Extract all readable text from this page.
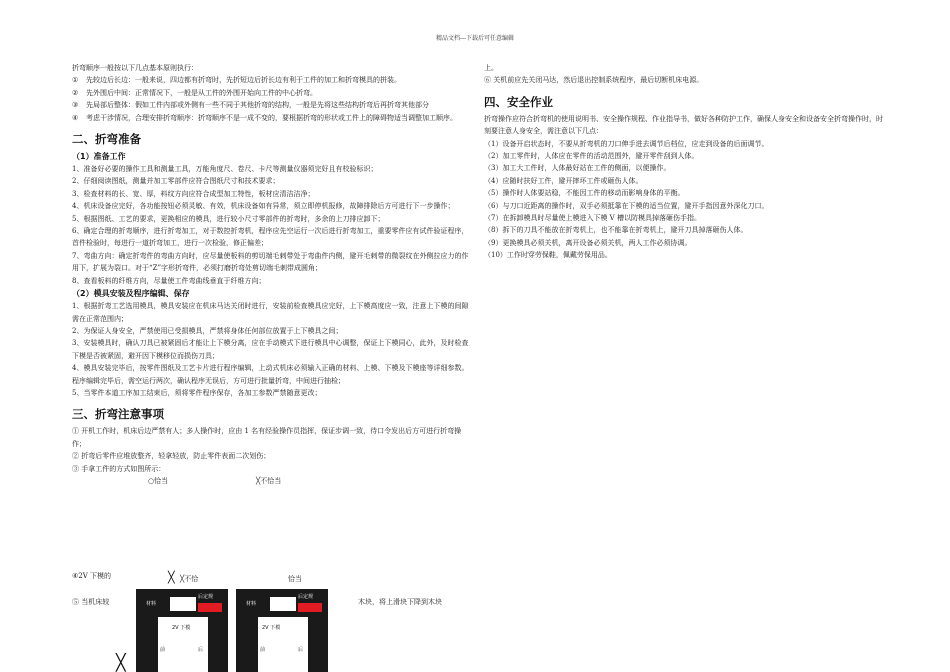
精品文档---下载后可任意编辑
折弯顺序一般按以下几点基本原则执行：
①	先较边后长边：一般来说，四边都有折弯时，先折短边后折长边有利于工件的加工和折弯模具的拼装。
②	先外围后中间：正常情况下，一般是从工件的外围开始向工件的中心折弯。
③	先局部后整体：假如工件内部或外侧有一些不同于其他折弯的结构，一般是先将这些结构折弯后再折弯其他部分
④	考虑干涉情况，合理安排折弯顺序：折弯顺序不是一成不变的，要根据折弯的形状或工件上的障碍物适当调整加工顺序。
二、折弯准备
（1）准备工作
1、准备好必要的操作工具和测量工具，万能角度尺、卷尺、卡尺等测量仪器须完好且有校验标识；
2、仔细阅读图纸，测量并加工零部件应符合图纸尺寸和技术要求；
3、检查材料的长、宽、厚，料纹方向应符合成型加工特性，板材应清洁洁净；
4、机床设备应完好，各功能按钮必须灵敏、有效，机床设备如有异常，须立即停机报修，故障排除后方可进行下一步操作；
5、根据图纸、工艺的要求，更换相应的模具，进行较小尺寸零部件的折弯时，多余的上刀排应卸下；
6、确定合理的折弯顺序，进行折弯加工，对于数控折弯机，程序应先空运行一次后进行折弯加工，重要零件应有试件验证程序，首件检验时，每进行一道折弯加工，进行一次检验，修正偏差；
7、弯曲方向：确定折弯件的弯曲方向时，应尽量使板料的剪切端毛刺带处于弯曲件内侧，避开毛刺带的微裂纹在外侧拉应力的作用下，扩展为裂口。对于“Z”字形折弯件，必须打磨折弯处剪切端毛刺带成圆角；
8、查看板料的纤维方向，尽量使工件弯曲线垂直于纤维方向；
（2）模具安装及程序编辑、保存
1、根据折弯工艺选用模具，模具安装应在机床马达关闭时进行，安装前检查模具应完好，上下模高度应一致，注意上下模的间隙需在正常范围内；
2、为保证人身安全，严禁使用已受损模具，严禁将身体任何部位放置于上下模具之间；
3、安装模具时，确认刀具已被紧固后才能让上下模分离，应在手动模式下进行模具中心调整，保证上下模同心，此外，及时检查下模是否被紧固，避开因下模移位而损伤刀具；
4、模具安装完毕后，按零件图纸及工艺卡片进行程序编辑，上动式机床必须输入正确的材料、上模、下模及下模座等详细参数。程序编辑完毕后，需空运行两次，确认程序无误后，方可进行批量折弯，中间进行抽检；
5、当零件本道工序加工结束后，须将零件程序保存，各加工参数严禁随意更改；
三、折弯注意事项
① 开机工作时，机床后边严禁有人；多人操作时，应由 1 名有经验操作员指挥，保证步调一致，待口令发出后方可进行折弯操作；
② 折弯后零件应堆放整齐，轻拿轻放，防止零件表面二次划伤；
③ 手拿工件的方式如图所示：
○恰当	╳不恰当
④2V 下模的
⑤ 当机床较	木块，将上滑块下降到木块
╳ ╳不恰	恰当
材料
后定规
2V 下模
前	后
材料
后定规
2V 下模
前	后
╳
上。
⑥ 关机前应先关闭马达，然后退出控制系统程序，最后切断机床电源。
四、安全作业
折弯操作应符合折弯机的使用说明书、安全操作规程、作业指导书，做好各种防护工作，确保人身安全和设备安全折弯操作时，时刻要注意人身安全，需注意以下几点：
（1）设备开启状态时，不要从折弯机的刀口伸手进去调节后档位，应走到设备的后面调节。
（2）加工零件时，人体应在零件的活动范围外，避开零件刮到人体。
（3）加工大工件时，人体最好站在工件的侧面，以便操作。
（4）应随时扶好工件，避开摔坏工件或砸伤人体。
（5）操作时人体要站稳，不能因工件的移动而影响身体的平衡。
（6）与刀口近距离的操作时，双手必须抵靠在下模的适当位置，避开手指因意外深化刀口。
（7）在拆卸模具时尽量使上模进入下模 V 槽以防模具掉落砸伤手指。
（8）拆下的刀具不能放在折弯机上，也不能靠在折弯机上，避开刀具掉落砸伤人体。
（9）更换模具必须关机，离开设备必须关机，两人工作必须协调。
（10）工作时穿劳保鞋，佩戴劳保用品。
